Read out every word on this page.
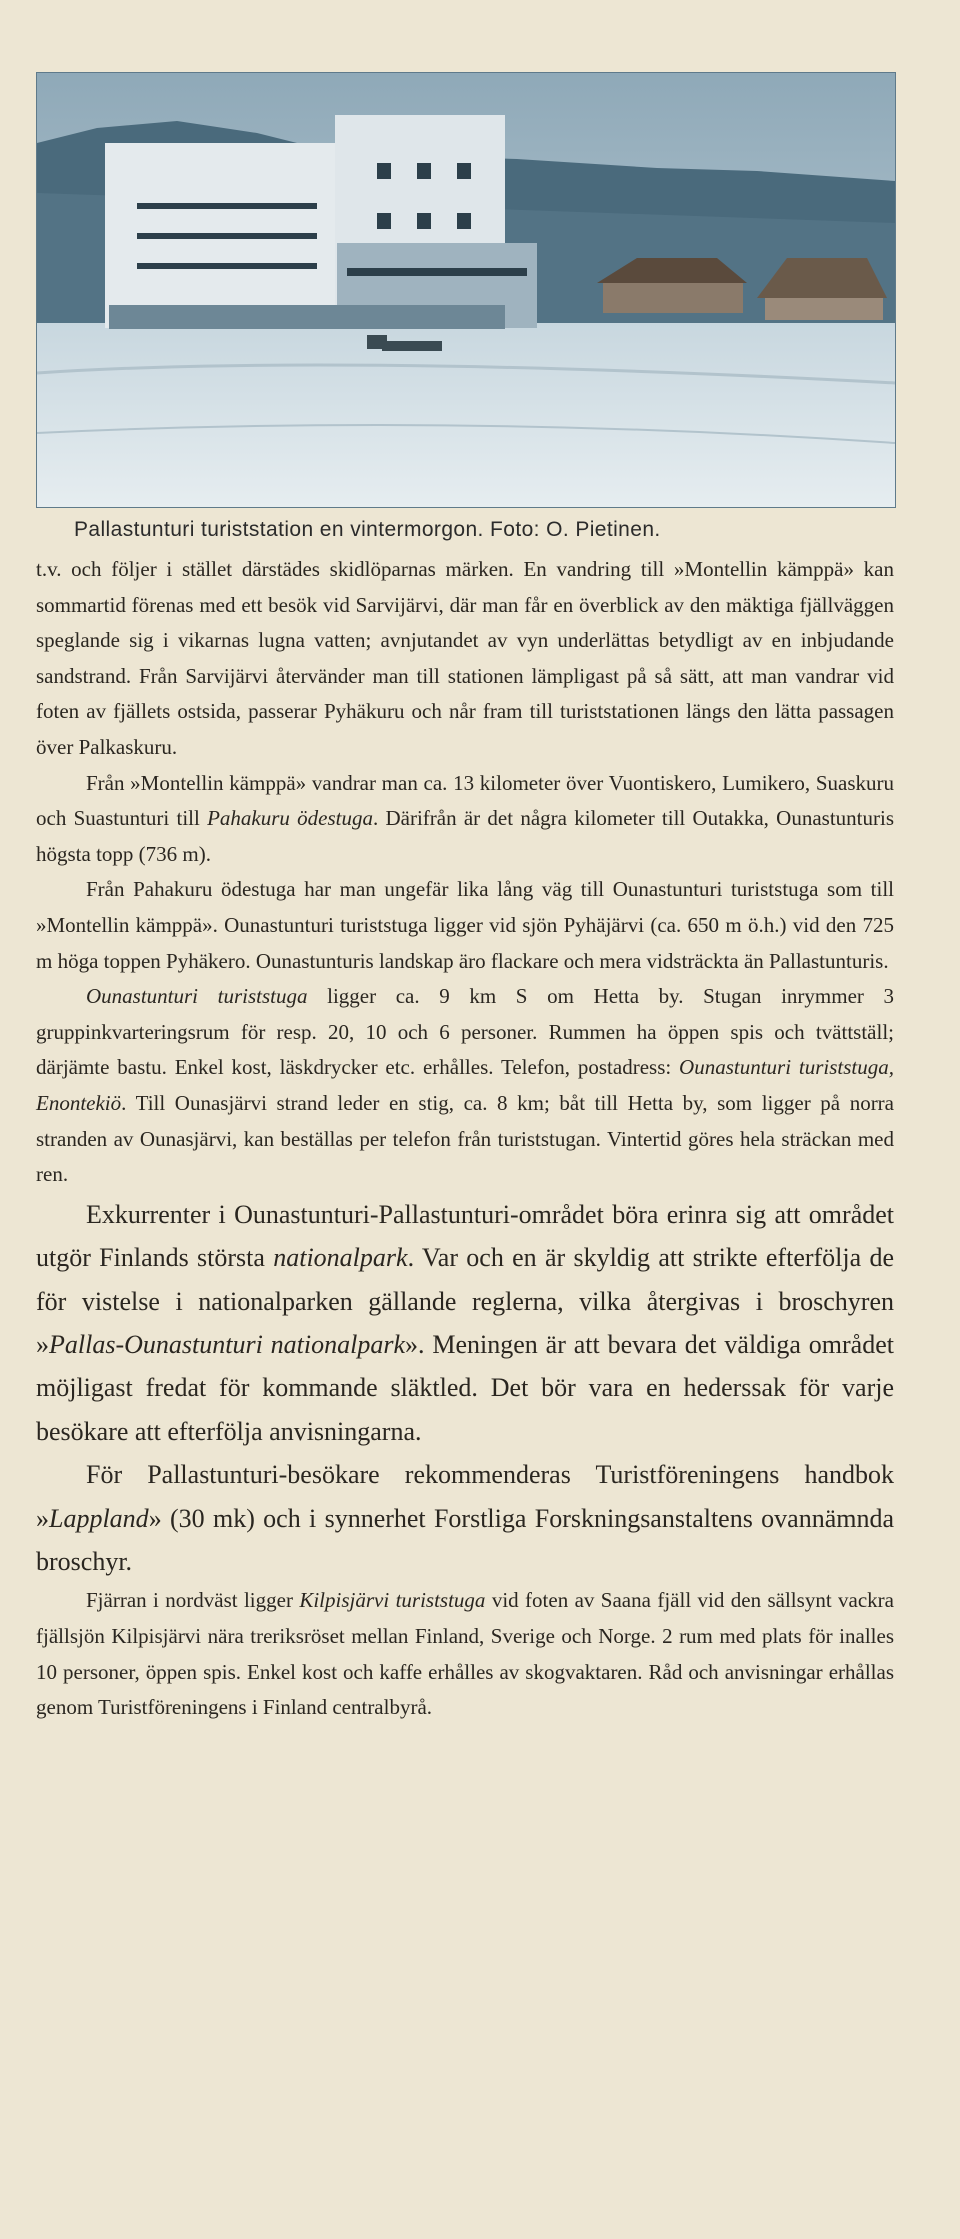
Pallastunturi turiststation en vintermorgon. Foto: O. Pietinen.

t.v. och följer i stället därstädes skidlöparnas märken. En vandring till »Montellin kämppä» kan sommartid förenas med ett besök vid Sarvijärvi, där man får en överblick av den mäktiga fjällväggen speglande sig i vikarnas lugna vatten; avnjutandet av vyn underlättas betydligt av en inbjudande sandstrand. Från Sarvijärvi återvänder man till stationen lämpligast på så sätt, att man vandrar vid foten av fjällets ostsida, passerar Pyhäkuru och når fram till turiststationen längs den lätta passagen över Palkaskuru.

Från »Montellin kämppä» vandrar man ca. 13 kilometer över Vuontiskero, Lumikero, Suaskuru och Suastunturi till Pahakuru ödestuga. Därifrån är det några kilometer till Outakka, Ounastunturis högsta topp (736 m).

Från Pahakuru ödestuga har man ungefär lika lång väg till Ounastunturi turiststuga som till »Montellin kämppä». Ounastunturi turiststuga ligger vid sjön Pyhäjärvi (ca. 650 m ö.h.) vid den 725 m höga toppen Pyhäkero. Ounastunturis landskap äro flackare och mera vidsträckta än Pallastunturis.

Ounastunturi turiststuga ligger ca. 9 km S om Hetta by. Stugan inrymmer 3 gruppinkvarteringsrum för resp. 20, 10 och 6 personer. Rummen ha öppen spis och tvättställ; därjämte bastu. Enkel kost, läskdrycker etc. erhålles. Telefon, postadress: Ounastunturi turiststuga, Enontekiö. Till Ounasjärvi strand leder en stig, ca. 8 km; båt till Hetta by, som ligger på norra stranden av Ounasjärvi, kan beställas per telefon från turiststugan. Vintertid göres hela sträckan med ren.

Exkurrenter i Ounastunturi-Pallastunturi-området böra erinra sig att området utgör Finlands största nationalpark. Var och en är skyldig att strikte efterfölja de för vistelse i nationalparken gällande reglerna, vilka återgivas i broschyren »Pallas-Ounastunturi nationalpark». Meningen är att bevara det väldiga området möjligast fredat för kommande släktled. Det bör vara en hederssak för varje besökare att efterfölja anvisningarna.

För Pallastunturi-besökare rekommenderas Turistföreningens handbok »Lappland» (30 mk) och i synnerhet Forstliga Forskningsanstaltens ovannämnda broschyr.

Fjärran i nordväst ligger Kilpisjärvi turiststuga vid foten av Saana fjäll vid den sällsynt vackra fjällsjön Kilpisjärvi nära treriksröset mellan Finland, Sverige och Norge. 2 rum med plats för inalles 10 personer, öppen spis. Enkel kost och kaffe erhålles av skogvaktaren. Råd och anvisningar erhållas genom Turistföreningens i Finland centralbyrå.
